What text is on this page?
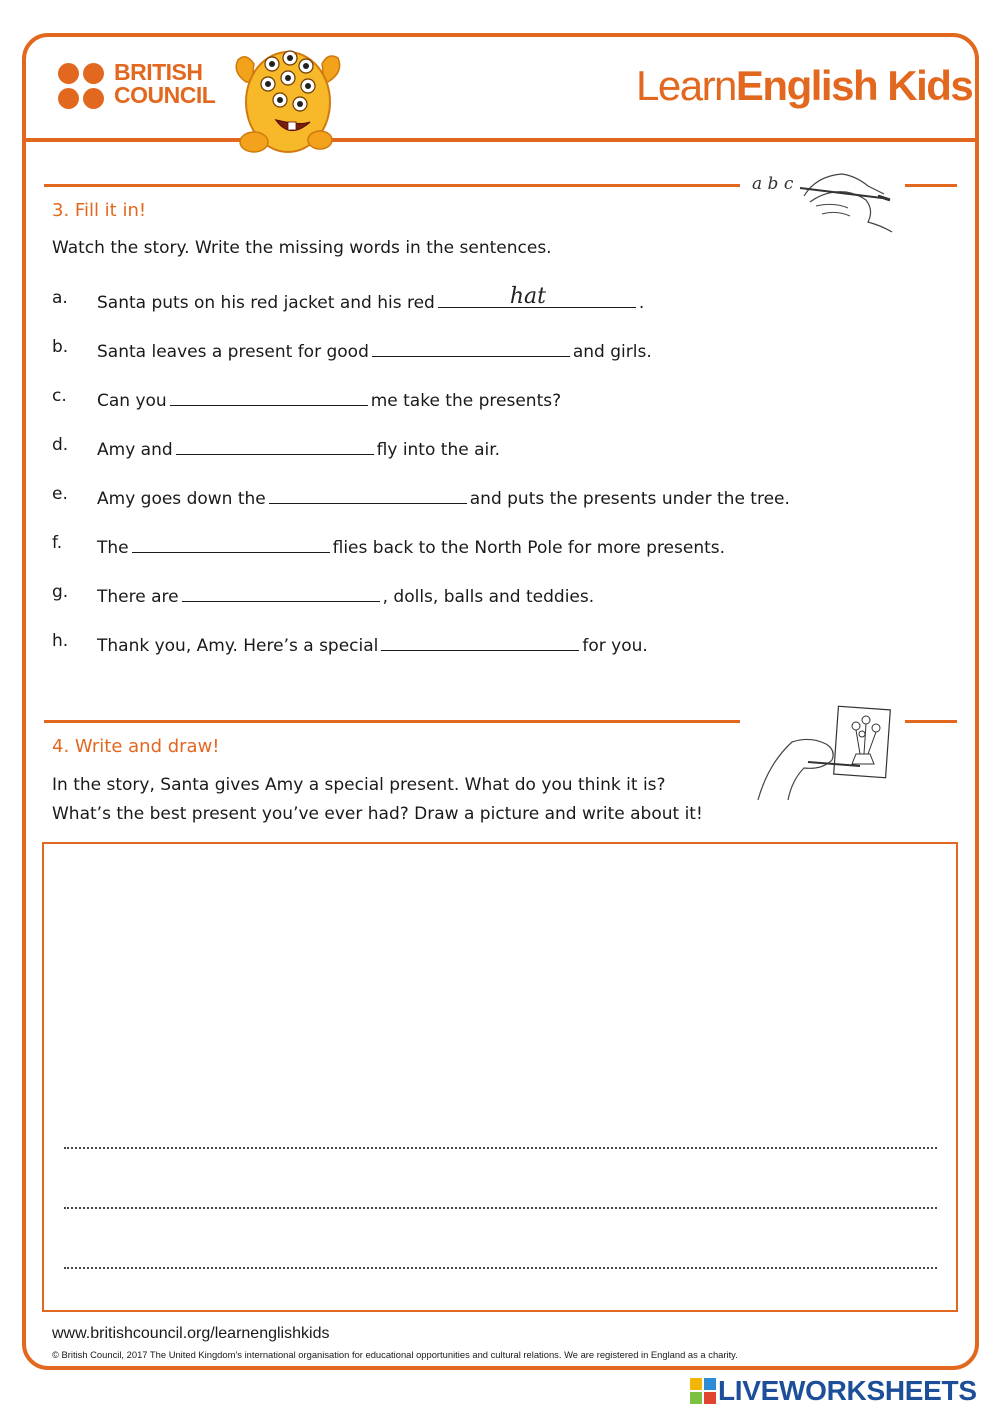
BRITISH
COUNCIL	LearnEnglish Kids
a b c
3. Fill it in!
Watch the story. Write the missing words in the sentences.
a. Santa puts on his red jacket and his red	hat	.
b. Santa leaves a present for good	and girls.
c. Can you	me take the presents?
d. Amy and	fly into the air.
e. Amy goes down the	and puts the presents under the tree.
f. The	flies back to the North Pole for more presents.
g. There are	, dolls, balls and teddies.
h. Thank you, Amy. Here’s a special	for you.
4. Write and draw!
In the story, Santa gives Amy a special present. What do you think it is?
What’s the best present you’ve ever had? Draw a picture and write about it!
www.britishcouncil.org/learnenglishkids
© British Council, 2017 The United Kingdom’s international organisation for educational opportunities and cultural relations. We are registered in England as a charity.
LIVEWORKSHEETS
